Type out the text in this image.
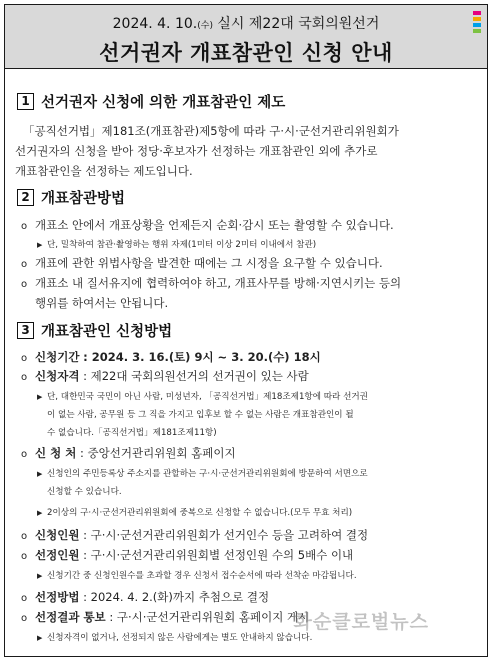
2024. 4. 10.(수) 실시 제22대 국회의원선거
선거권자 개표참관인 신청 안내
1 선거권자 신청에 의한 개표참관인 제도
「공직선거법」제181조(개표참관)제5항에 따라 구·시·군선거관리위원회가
선거권자의 신청을 받아 정당·후보자가 선정하는 개표참관인 외에 추가로
개표참관인을 선정하는 제도입니다.
2 개표참관방법
o 개표소 안에서 개표상황을 언제든지 순회·감시 또는 촬영할 수 있습니다.
▶ 단, 밀착하여 참관·촬영하는 행위 자제(1미터 이상 2미터 이내에서 참관)
o 개표에 관한 위법사항을 발견한 때에는 그 시정을 요구할 수 있습니다.
o 개표소 내 질서유지에 협력하여야 하고, 개표사무를 방해·지연시키는 등의
행위를 하여서는 안됩니다.
3 개표참관인 신청방법
o 신청기간 : 2024. 3. 16.(토) 9시 ~ 3. 20.(수) 18시
o 신청자격 : 제22대 국회의원선거의 선거권이 있는 사람
▶ 단, 대한민국 국민이 아닌 사람, 미성년자, 「공직선거법」제18조제1항에 따라 선거권
이 없는 사람, 공무원 등 그 직을 가지고 입후보 할 수 없는 사람은 개표참관인이 될
수 없습니다.「공직선거법」제181조제11항)
o 신 청 처 : 중앙선거관리위원회 홈페이지
▶ 신청인의 주민등록상 주소지를 관할하는 구·시·군선거관리위원회에 방문하여 서면으로
신청할 수 있습니다.
▶ 2이상의 구·시·군선거관리위원회에 중복으로 신청할 수 없습니다.(모두 무효 처리)
o 신청인원 : 구·시·군선거관리위원회가 선거인수 등을 고려하여 결정
o 선정인원 : 구·시·군선거관리위원회별 선정인원 수의 5배수 이내
▶ 신청기간 중 신청인원수를 초과할 경우 신청서 접수순서에 따라 선착순 마감됩니다.
o 선정방법 : 2024. 4. 2.(화)까지 추첨으로 결정
o 선정결과 통보 : 구·시·군선거관리위원회 홈페이지 게시
▶ 신청자격이 없거나, 선정되지 않은 사람에게는 별도 안내하지 않습니다.
화순클로벌뉴스
